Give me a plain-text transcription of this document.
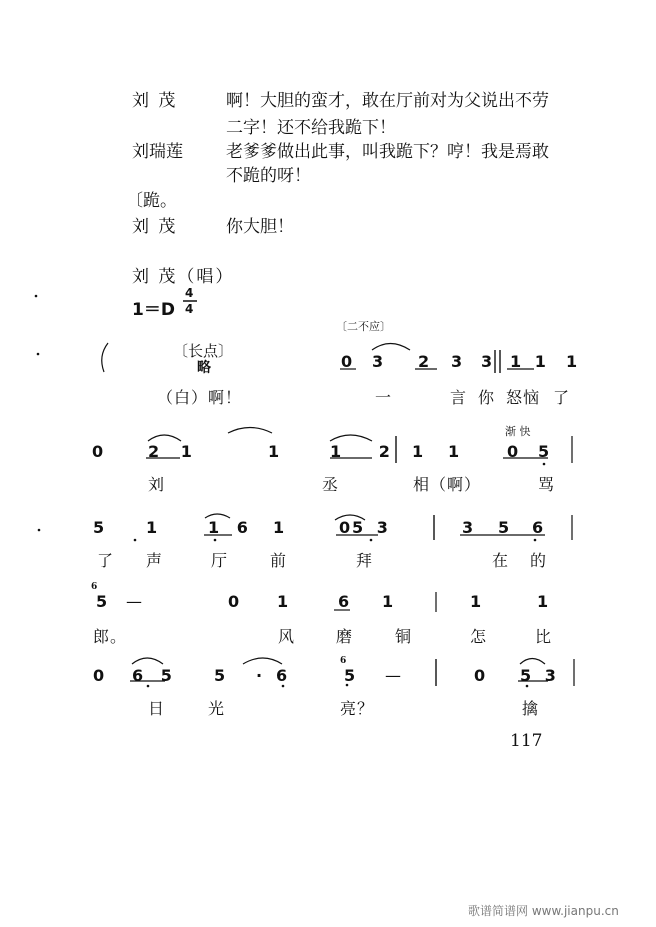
刘 茂	啊！大胆的蛮才，敢在厅前对为父说出不劳
二字！还不给我跪下！
刘瑞莲	老爹爹做出此事，叫我跪下？哼！我是焉敢
不跪的呀！
〔跪。
刘 茂	你大胆！
刘 茂（唱）
1＝D
4
4
〔二不应〕
〔长点〕
略
渐 快
0 3 2 3 3 1 1 1
（白）啊！	一	言 你 怒恼 了
0	2 1	1	1 2 1 1	0 5
刘	丞	相（啊）	骂
5	1	1 6 1	0 5 3	3 5 6
了 声	厅	前	拜	在 的
6
5 —	0 1	6 1	1	1
郎。	风	磨	铜	怎	比
0 6 5 5 · 6
6
5 —	0 5 3
日	光	亮？	擒
117
歌谱简谱网 www.jianpu.cn
